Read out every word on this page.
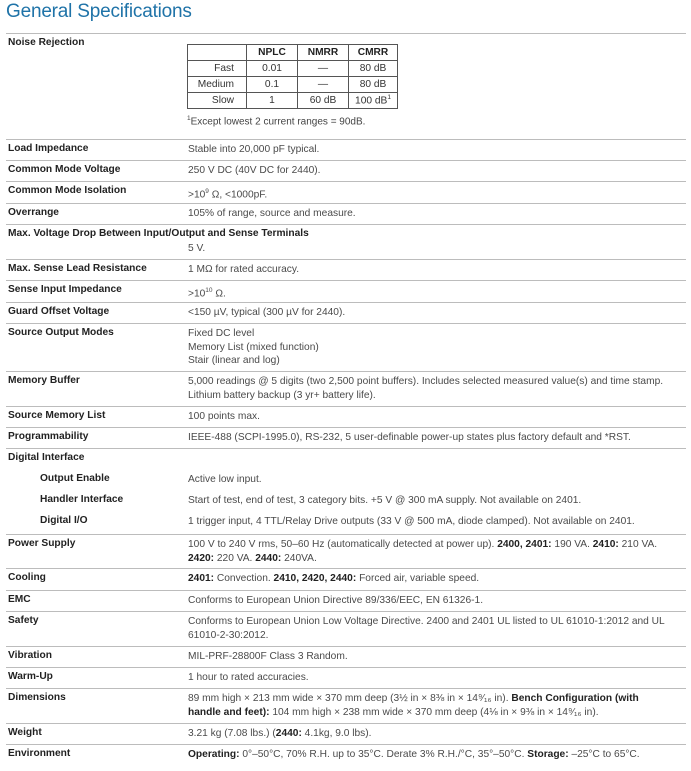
General Specifications
Noise Rejection
	NPLC	NMRR	CMRR
Fast	0.01	—	80 dB
Medium	0.1	—	80 dB
Slow	1	60 dB	100 $dB^1$
$^1$Except lowest 2 current ranges = 90dB.
Load Impedance	Stable into 20,000 pF typical.
Common Mode Voltage	250 V DC (40V DC for 2440).
Common Mode Isolation	$>10^9$ Ω, <1000pF.
Overrange	105% of range, source and measure.
Max. Voltage Drop Between Input/Output and Sense Terminals
5 V.
Max. Sense Lead Resistance	1 MΩ for rated accuracy.
Sense Input Impedance	$>10^{10}$ Ω.
Guard Offset Voltage	<150 µV, typical (300 µV for 2440).
Source Output Modes	Fixed DC level
Memory List (mixed function)
Stair (linear and log)
Memory Buffer	5,000 readings @ 5 digits (two 2,500 point buffers). Includes selected measured value(s) and time stamp.
Lithium battery backup (3 yr+ battery life).
Source Memory List	100 points max.
Programmability	IEEE-488 (SCPI-1995.0), RS-232, 5 user-definable power-up states plus factory default and *RST.
Digital Interface
Output Enable	Active low input.
Handler Interface	Start of test, end of test, 3 category bits. +5 V @ 300 mA supply. Not available on 2401.
Digital I/O	1 trigger input, 4 TTL/Relay Drive outputs (33 V @ 500 mA, diode clamped). Not available on 2401.
Power Supply	100 V to 240 V rms, 50–60 Hz (automatically detected at power up). 2400, 2401: 190 VA. 2410: 210 VA.
2420: 220 VA. 2440: 240VA.
Cooling	2401: Convection. 2410, 2420, 2440: Forced air, variable speed.
EMC	Conforms to European Union Directive 89/336/EEC, EN 61326-1.
Safety	Conforms to European Union Low Voltage Directive. 2400 and 2401 UL listed to UL 61010-1:2012 and UL
61010-2-30:2012.
Vibration	MIL-PRF-28800F Class 3 Random.
Warm-Up	1 hour to rated accuracies.
Dimensions	89 mm high × 213 mm wide × 370 mm deep (3½ in × 8⅜ in × 14⁹⁄₁₆ in). Bench Configuration (with
handle and feet): 104 mm high × 238 mm wide × 370 mm deep (4⅛ in × 9⅜ in × 14⁹⁄₁₆ in).
Weight	3.21 kg (7.08 lbs.) (2440: 4.1kg, 9.0 lbs).
Environment	Operating: 0°–50°C, 70% R.H. up to 35°C. Derate 3% R.H./°C, 35°–50°C. Storage: –25°C to 65°C.
